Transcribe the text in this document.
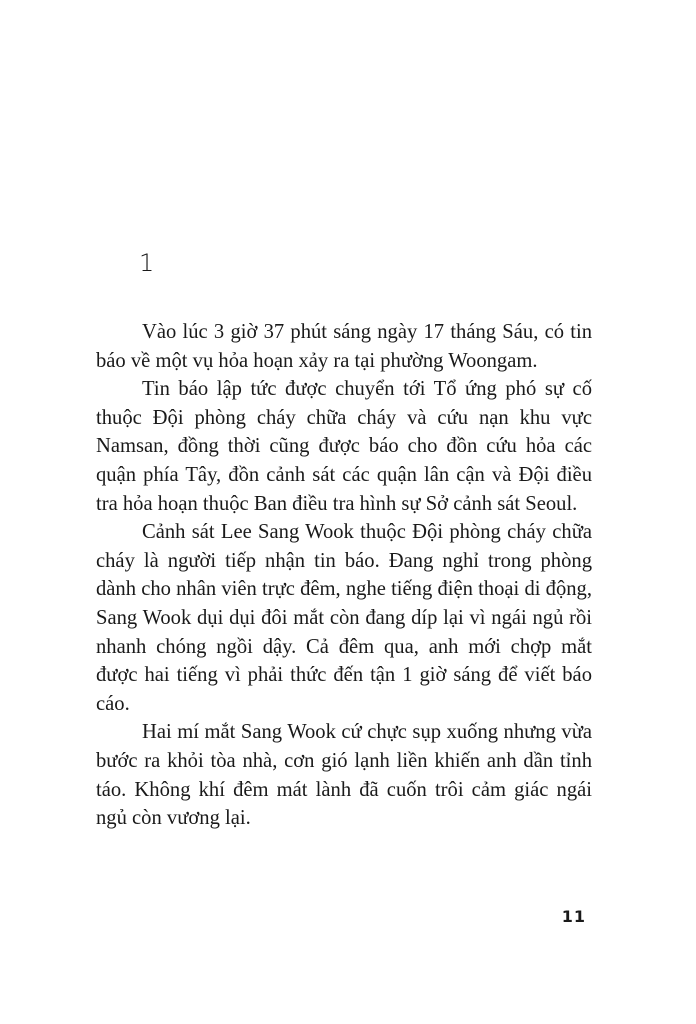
1

Vào lúc 3 giờ 37 phút sáng ngày 17 tháng Sáu, có tin báo về một vụ hỏa hoạn xảy ra tại phường Woongam.

Tin báo lập tức được chuyển tới Tổ ứng phó sự cố thuộc Đội phòng cháy chữa cháy và cứu nạn khu vực Namsan, đồng thời cũng được báo cho đồn cứu hỏa các quận phía Tây, đồn cảnh sát các quận lân cận và Đội điều tra hỏa hoạn thuộc Ban điều tra hình sự Sở cảnh sát Seoul.

Cảnh sát Lee Sang Wook thuộc Đội phòng cháy chữa cháy là người tiếp nhận tin báo. Đang nghỉ trong phòng dành cho nhân viên trực đêm, nghe tiếng điện thoại di động, Sang Wook dụi dụi đôi mắt còn đang díp lại vì ngái ngủ rồi nhanh chóng ngồi dậy. Cả đêm qua, anh mới chợp mắt được hai tiếng vì phải thức đến tận 1 giờ sáng để viết báo cáo.

Hai mí mắt Sang Wook cứ chực sụp xuống nhưng vừa bước ra khỏi tòa nhà, cơn gió lạnh liền khiến anh dần tỉnh táo. Không khí đêm mát lành đã cuốn trôi cảm giác ngái ngủ còn vương lại.

11
